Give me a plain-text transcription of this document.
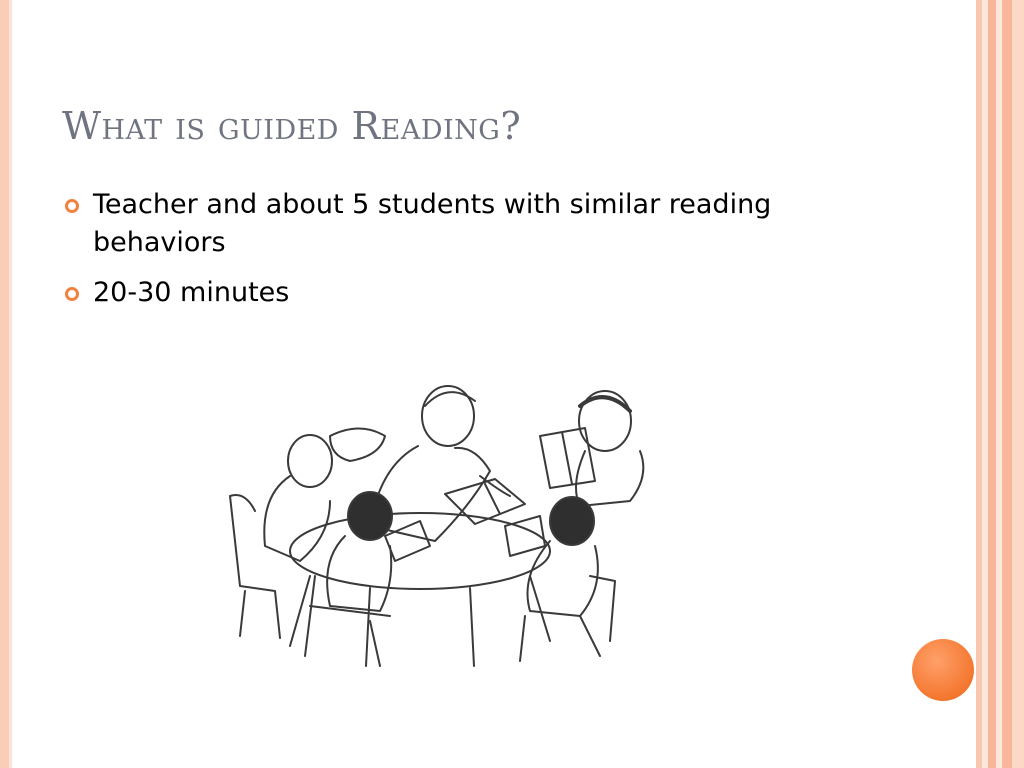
What is guided Reading?
Teacher and about 5 students with similar reading behaviors
20-30 minutes
